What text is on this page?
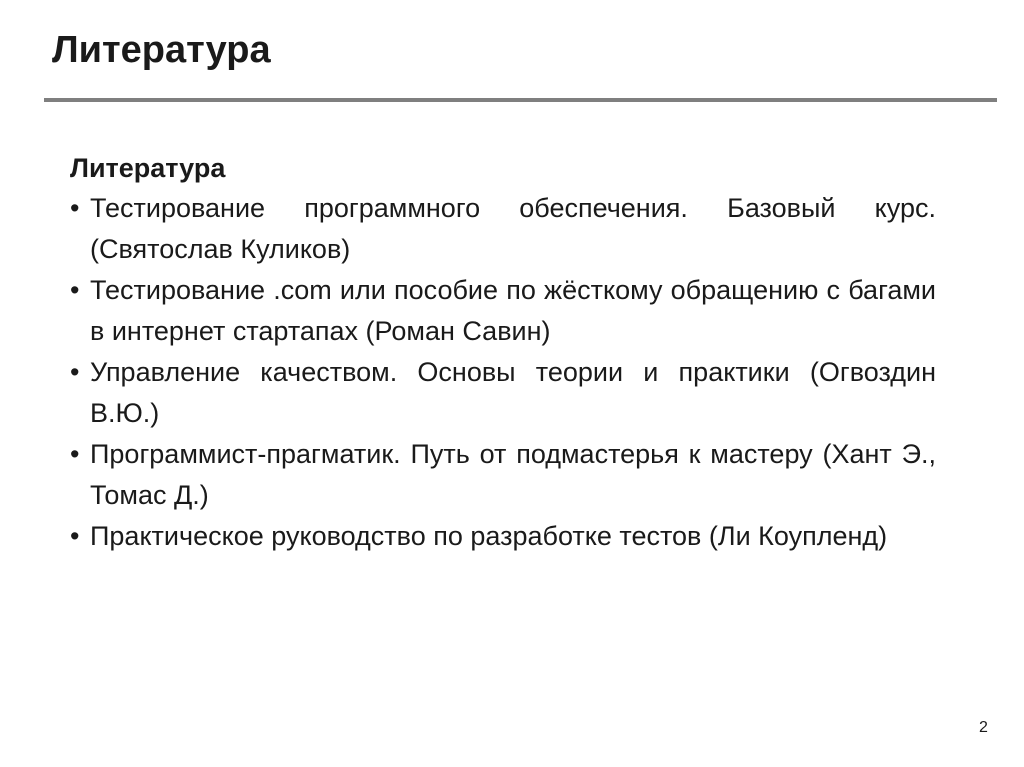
Литература

Литература

• Тестирование программного обеспечения. Базовый курс. (Святослав Куликов)
• Тестирование .com или пособие по жёсткому обращению с багами в интернет стартапах (Роман Савин)
• Управление качеством. Основы теории и практики (Огвоздин В.Ю.)
• Программист-прагматик. Путь от подмастерья к мастеру (Хант Э., Томас Д.)
• Практическое руководство по разработке тестов (Ли Коупленд)
2
